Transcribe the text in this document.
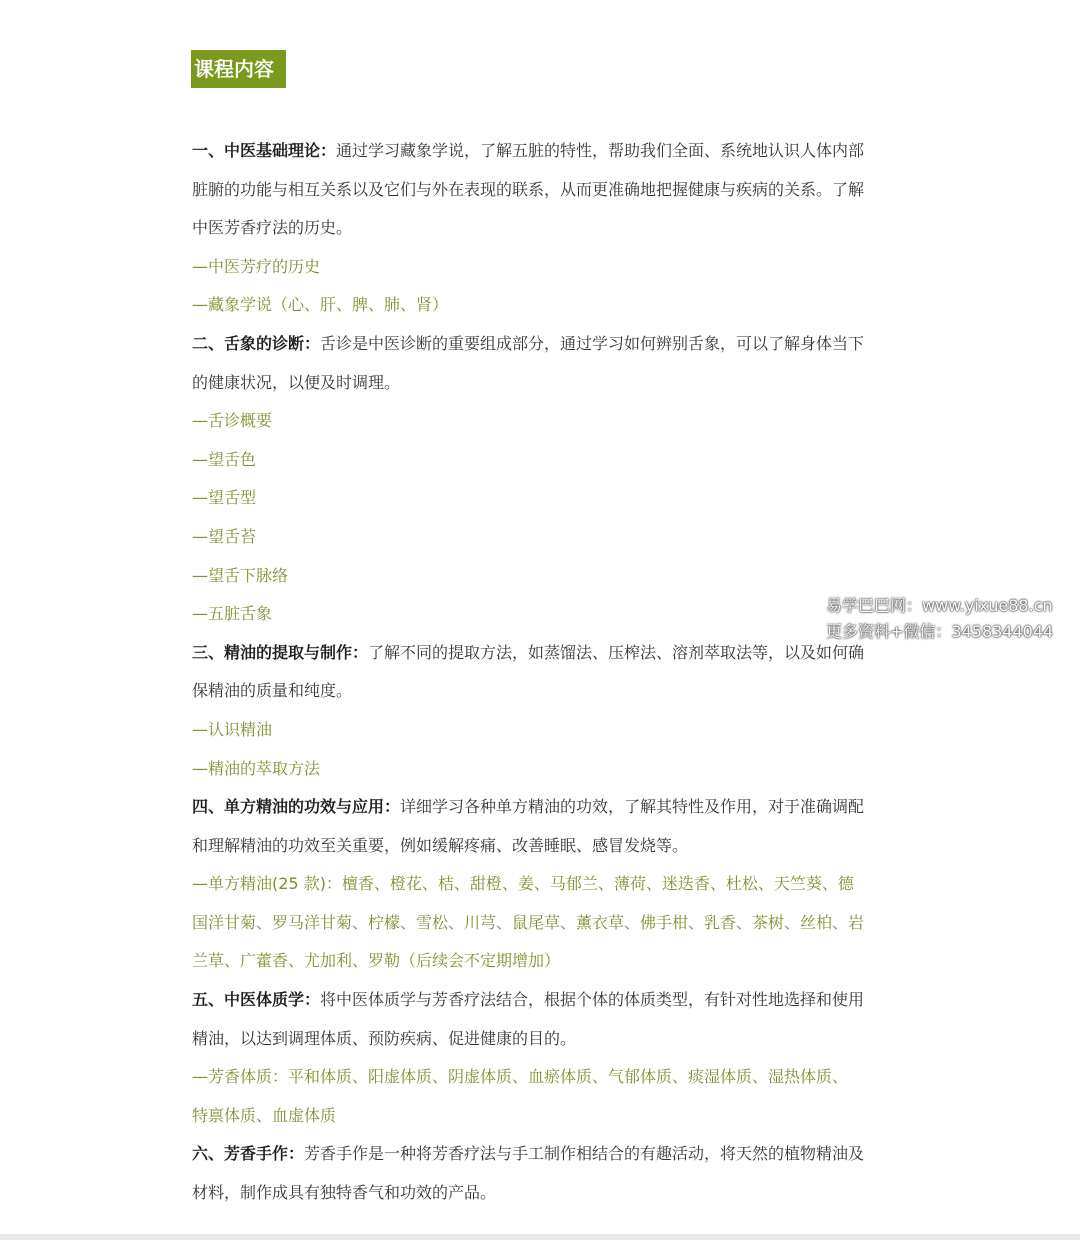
课程内容
一、中医基础理论：通过学习藏象学说，了解五脏的特性，帮助我们全面、系统地认识人体内部
脏腑的功能与相互关系以及它们与外在表现的联系，从而更准确地把握健康与疾病的关系。了解
中医芳香疗法的历史。
—中医芳疗的历史
—藏象学说（心、肝、脾、肺、肾）
二、舌象的诊断：舌诊是中医诊断的重要组成部分，通过学习如何辨别舌象，可以了解身体当下
的健康状况，以便及时调理。
—舌诊概要
—望舌色
—望舌型
—望舌苔
—望舌下脉络
—五脏舌象
三、精油的提取与制作：了解不同的提取方法，如蒸馏法、压榨法、溶剂萃取法等，以及如何确
保精油的质量和纯度。
—认识精油
—精油的萃取方法
四、单方精油的功效与应用：详细学习各种单方精油的功效，了解其特性及作用，对于准确调配
和理解精油的功效至关重要，例如缓解疼痛、改善睡眠、感冒发烧等。
—单方精油(25 款)：檀香、橙花、桔、甜橙、姜、马郁兰、薄荷、迷迭香、杜松、天竺葵、德
国洋甘菊、罗马洋甘菊、柠檬、雪松、川芎、鼠尾草、薰衣草、佛手柑、乳香、茶树、丝柏、岩
兰草、广藿香、尤加利、罗勒（后续会不定期增加）
五、中医体质学：将中医体质学与芳香疗法结合，根据个体的体质类型，有针对性地选择和使用
精油，以达到调理体质、预防疾病、促进健康的目的。
—芳香体质：平和体质、阳虚体质、阴虚体质、血瘀体质、气郁体质、痰湿体质、湿热体质、
特禀体质、血虚体质
六、芳香手作：芳香手作是一种将芳香疗法与手工制作相结合的有趣活动，将天然的植物精油及
材料，制作成具有独特香气和功效的产品。
易学巴巴网：www.yixue88.cn
更多资料+微信：3458344044
